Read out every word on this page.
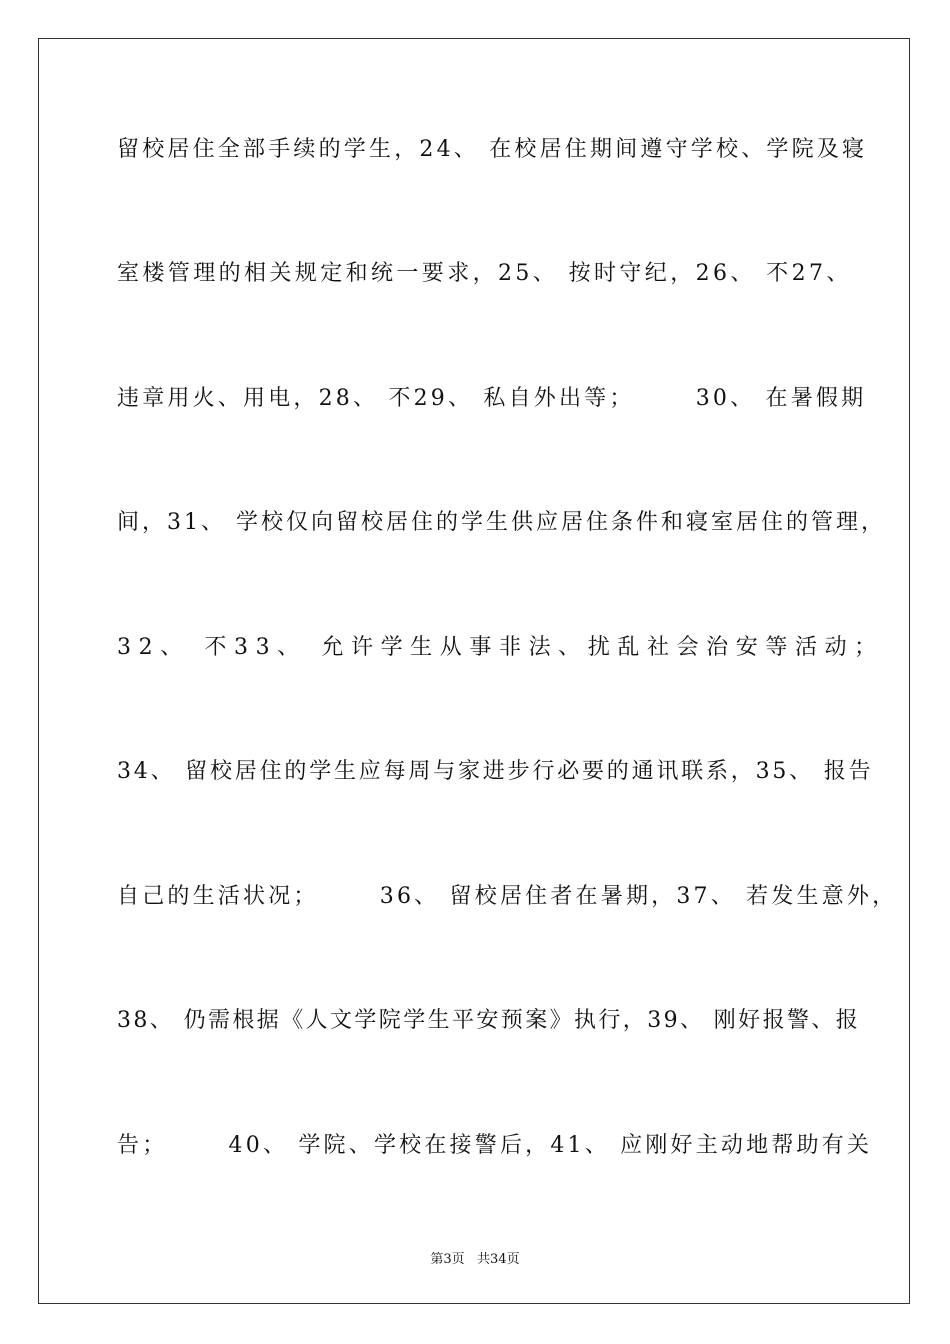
留校居住全部手续的学生，24、 在校居住期间遵守学校、学院及寝
室楼管理的相关规定和统一要求，25、 按时守纪，26、 不27、
违章用火、用电，28、 不29、 私自外出等；      30、 在暑假期
间，31、 学校仅向留校居住的学生供应居住条件和寝室居住的管理，
32、 不33、 允许学生从事非法、扰乱社会治安等活动；
34、 留校居住的学生应每周与家进步行必要的通讯联系，35、 报告
自己的生活状况；      36、 留校居住者在暑期，37、 若发生意外，
38、 仍需根据《人文学院学生平安预案》执行，39、 刚好报警、报
告；      40、 学院、学校在接警后，41、 应刚好主动地帮助有关
第3页   共34页
